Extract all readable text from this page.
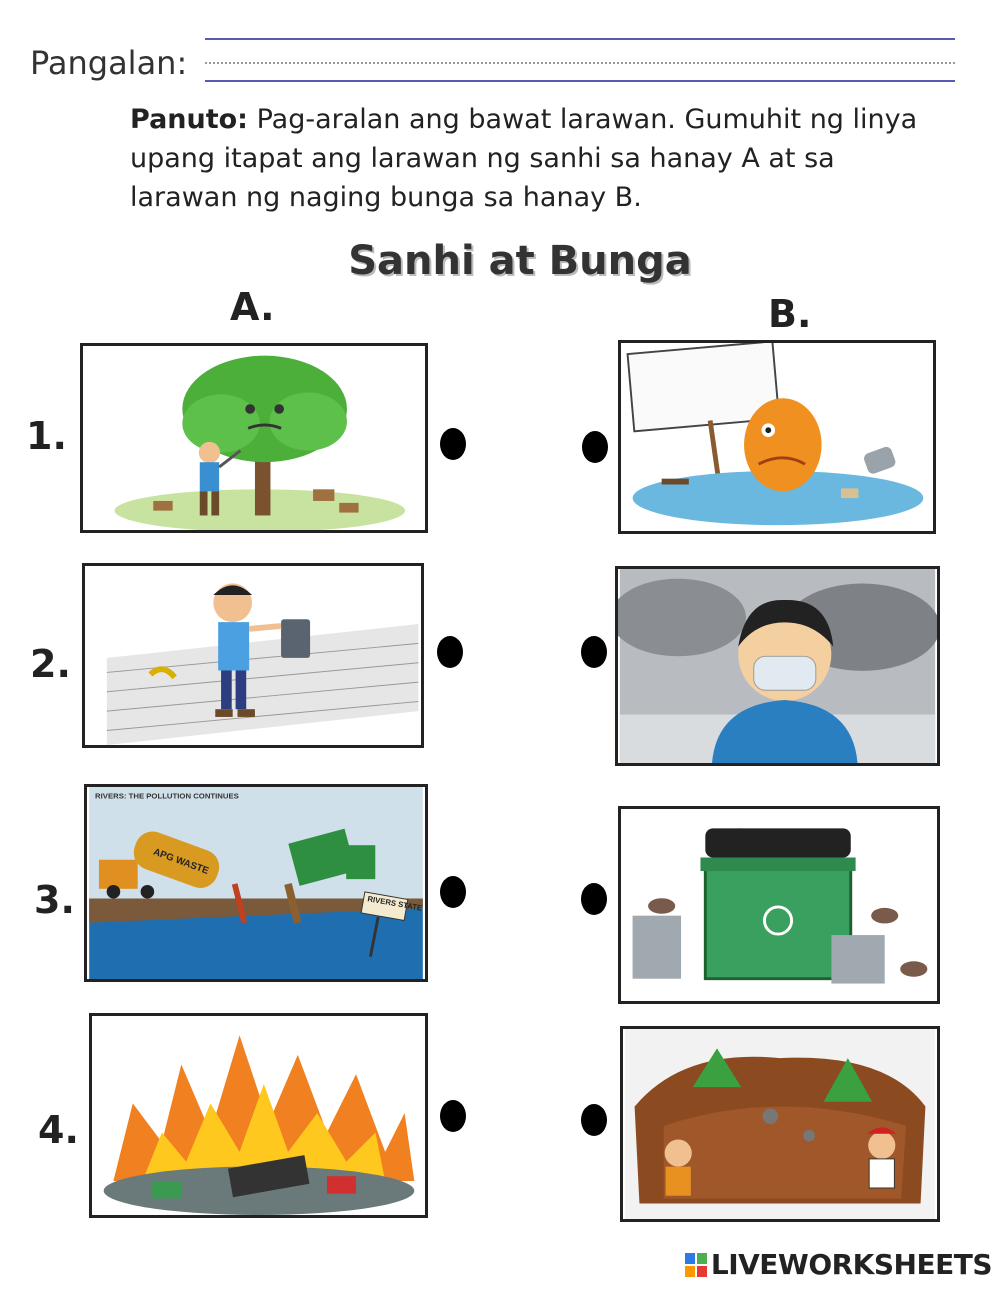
Pangalan:
Panuto: Pag-aralan ang bawat larawan. Gumuhit ng linya upang itapat ang larawan ng sanhi sa hanay A at sa larawan ng naging bunga sa hanay B.
Sanhi at Bunga
A.	B.
1.
2.
3.
4.
RIVERS: THE POLLUTION CONTINUES
APG WASTE
RIVERS STATE
LIVEWORKSHEETS
